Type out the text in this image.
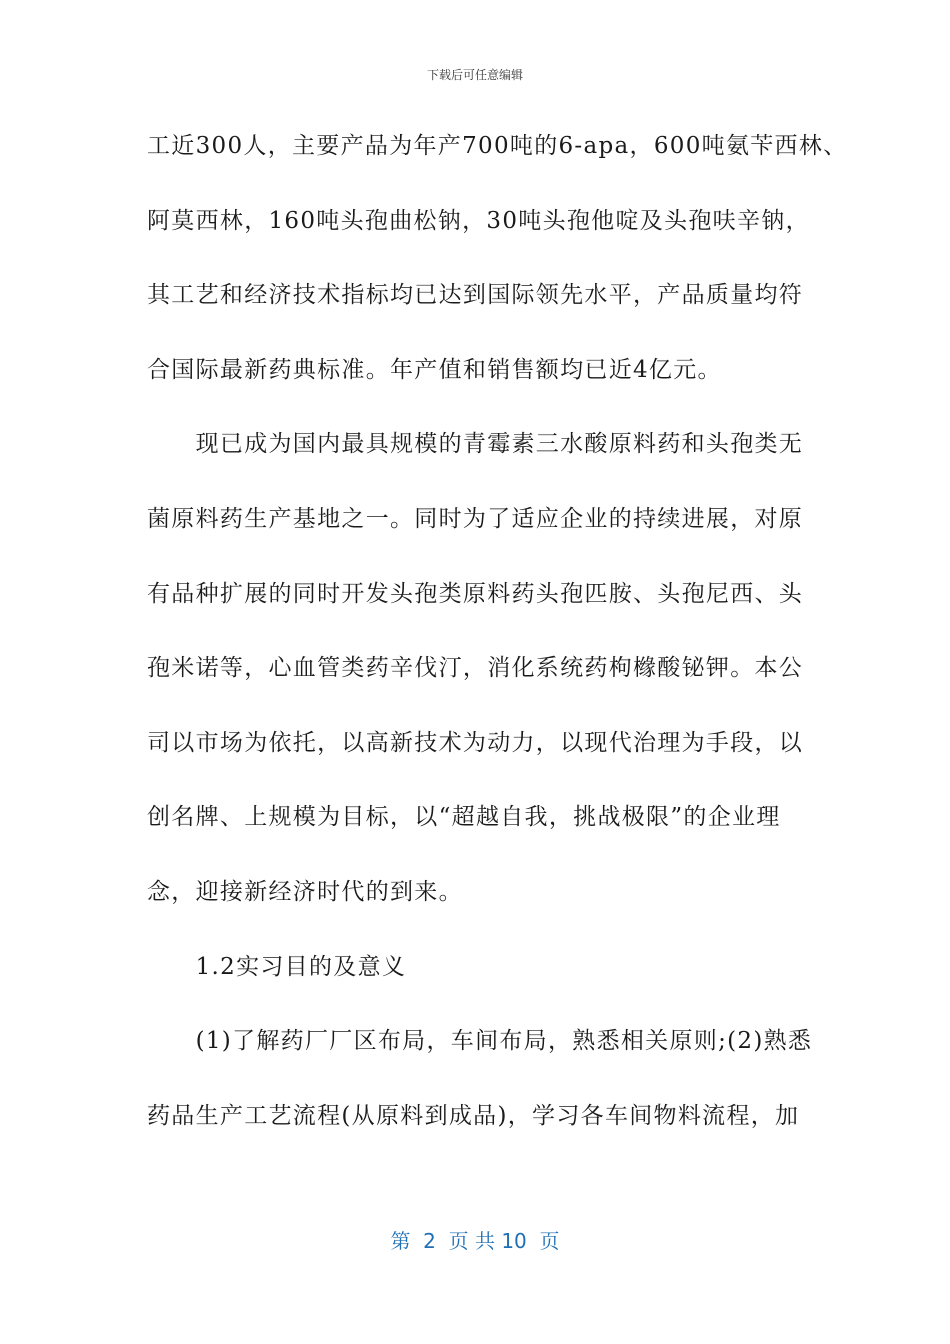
下载后可任意编辑
工近300人，主要产品为年产700吨的6-apa，600吨氨苄西林、
阿莫西林，160吨头孢曲松钠，30吨头孢他啶及头孢呋辛钠，
其工艺和经济技术指标均已达到国际领先水平，产品质量均符
合国际最新药典标准。年产值和销售额均已近4亿元。
　　现已成为国内最具规模的青霉素三水酸原料药和头孢类无
菌原料药生产基地之一。同时为了适应企业的持续进展，对原
有品种扩展的同时开发头孢类原料药头孢匹胺、头孢尼西、头
孢米诺等，心血管类药辛伐汀，消化系统药枸橼酸铋钾。本公
司以市场为依托，以高新技术为动力，以现代治理为手段，以
创名牌、上规模为目标，以“超越自我，挑战极限”的企业理
念，迎接新经济时代的到来。
　　1.2实习目的及意义
　　(1)了解药厂厂区布局，车间布局，熟悉相关原则;(2)熟悉
药品生产工艺流程(从原料到成品)，学习各车间物料流程，加
第  2  页 共 10  页
